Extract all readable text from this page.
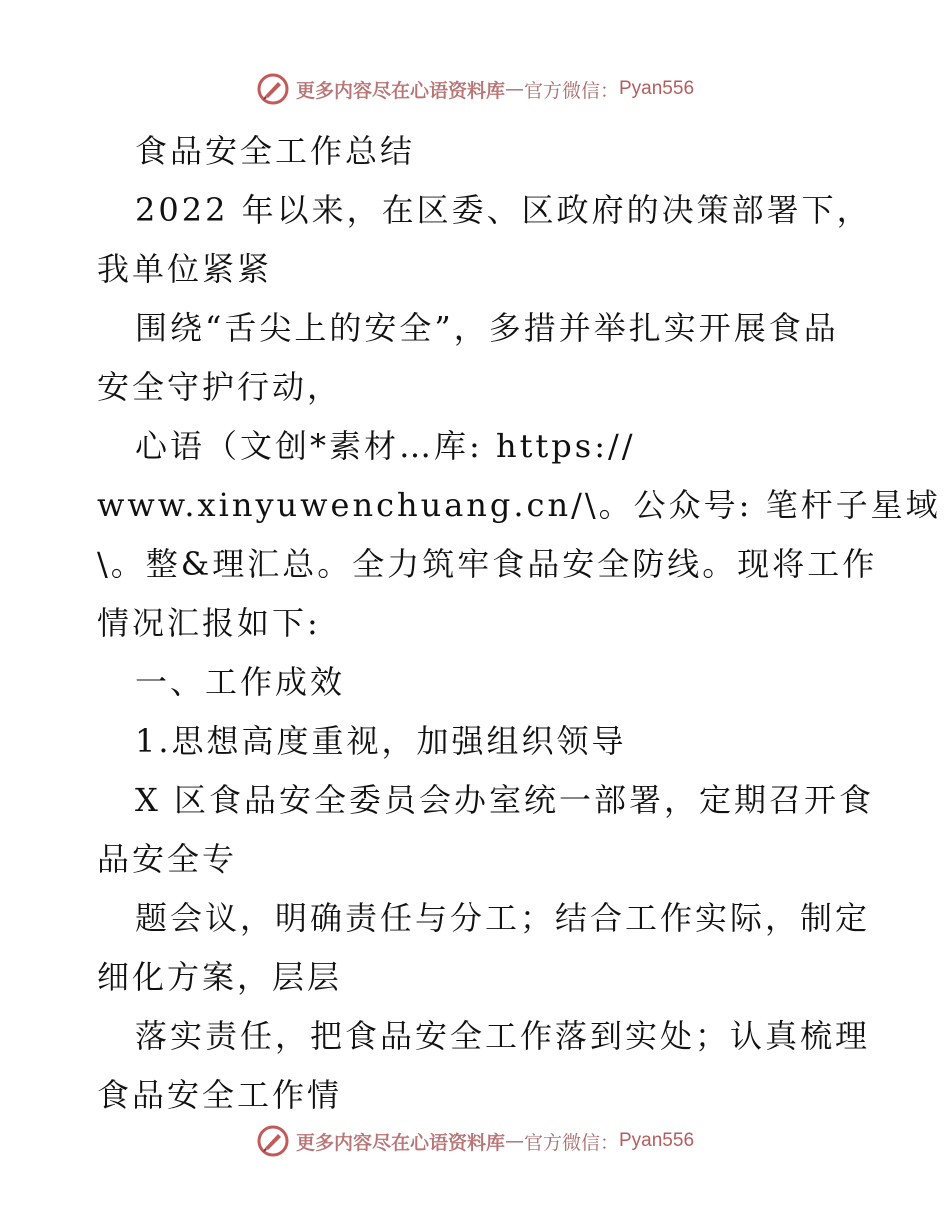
更多内容尽在心语资料库 — 官方微信： Pyan556

食品安全工作总结

2022 年以来，在区委、区政府的决策部署下，

我单位紧紧

围绕“舌尖上的安全”，多措并举扎实开展食品

安全守护行动，

心语（文创*素材…库: https://

www.xinyuwenchuang.cn/\。公众号: 笔杆子星域

\。整&理汇总。全力筑牢食品安全防线。现将工作

情况汇报如下:

一、工作成效

1.思想高度重视，加强组织领导

X 区食品安全委员会办室统一部署，定期召开食

品安全专

题会议，明确责任与分工；结合工作实际，制定

细化方案，层层

落实责任，把食品安全工作落到实处；认真梳理

食品安全工作情

更多内容尽在心语资料库 — 官方微信： Pyan556
